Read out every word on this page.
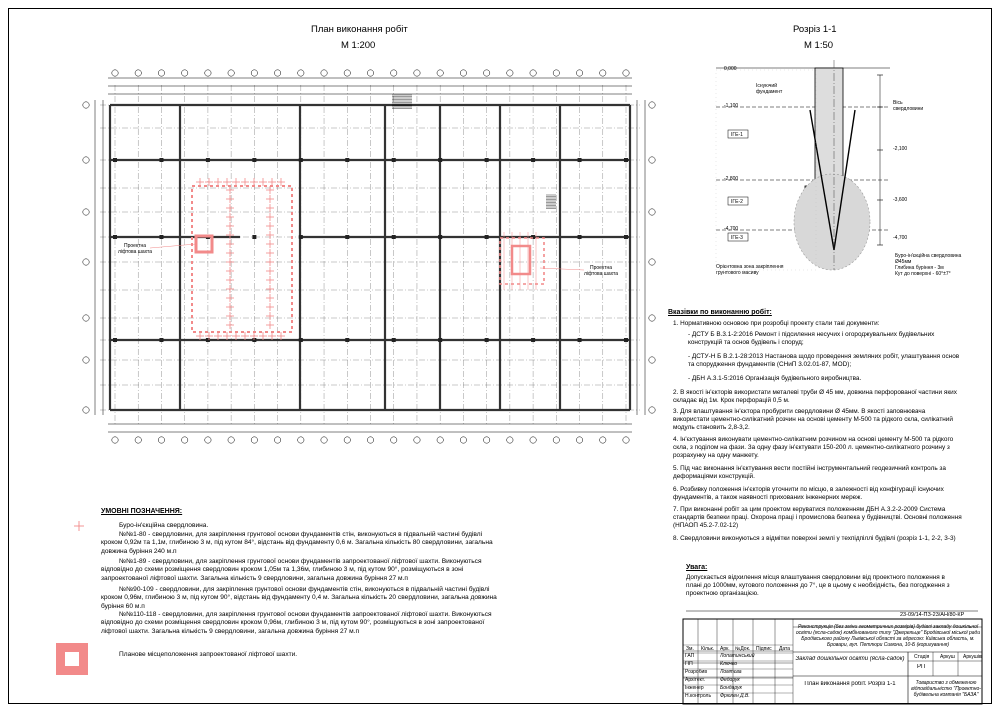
План виконання робіт
М 1:200
Проектна
ліфтова шахта
Проектна
ліфтова шахта
Розріз 1-1
М 1:50
Існуючий
фундамент
Вісь
свердловини
Орієнтовна зона закріплення
грунтового масиву
Буро-ін'єкційна свердловина
Ø45мм
Глибина буріння - 3м
Кут до поверхні - 60°±7°
0,000
-1,100
-2,800
-4,700
-2,100
-3,600
-4,700
ІГЕ-1
ІГЕ-2
ІГЕ-3
Вказівки по виконанню робіт:
1. Нормативною основою при розробці проекту стали такі документи:
- ДСТУ Б В.3.1-2:2016 Ремонт і підсилення несучих і огороджувальних будівельних конструкцій та основ будівель і споруд;
- ДСТУ-Н Б В.2.1-28:2013 Настанова щодо проведення земляних робіт, улаштування основ та спорудження фундаментів (СНиП 3.02.01-87, MOD);
- ДБН А.3.1-5:2016 Організація будівельного виробництва.
2. В якості ін'єкторів використати металеві труби Ø 45 мм, довжина перфорованої частини яких складає від 1м. Крок перфорацій 0,5 м.
3. Для влаштування ін'єктора пробурити свердловини Ø 45мм. В якості заповнювача використати цементно-силікатний розчин на основі цементу М-500 та рідкого скла, силікатний модуль становить 2,8-3,2.
4. Ін'єктування виконувати цементно-силікатним розчином на основі цементу М-500 та рідкого скла, з поділом на фази. За одну фазу ін'єктувати 150-200 л. цементно-силікатного розчину з розрахунку на одну манжету.
5. Під час виконання ін'єктування вести постійні інструментальний геодезичний контроль за деформаціями конструкцій.
6. Розбивку положення ін'єкторів уточнити по місцю, в залежності від конфігурації існуючих фундаментів, а також наявності прихованих інженерних мереж.
7. При виконанні робіт за цим проектом керуватися положенням ДБН А.3.2-2-2009 Система стандартів безпеки праці. Охорона праці і промислова безпека у будівництві. Основні положення (НПАОП 45.2-7.02-12)
8. Свердловини виконуються з відмітки поверхні землі у техпідпіллі будівлі (розріз 1-1, 2-2, 3-3)
Увага:
Допускається відхилення місця влаштування свердловини від проектного положення в плані до 1000мм, кутового положення до 7°, це в цьому є необхідність, без погодження з проектною організацією.
УМОВНІ ПОЗНАЧЕННЯ:
Буро-ін'єкційна свердловина.
№№1-80 - свердловини, для закріплення грунтової основи фундаментів стін, виконуються в підвальній частині будівлі кроком 0,92м та 1,1м, глибиною 3 м, під кутом 84°, відстань від фундаменту 0,6 м. Загальна кількість 80 свердловини, загальна довжина буріння 240 м.п
№№1-89 - свердловини, для закріплення грунтової основи фундаментів запроектованої ліфтової шахти. Виконуються відповідно до схеми розміщення свердловин кроком 1,05м та 1,36м, глибиною 3 м, під кутом 90°, розміщуються в зоні запроектованої ліфтової шахти. Загальна кількість 9 свердловини, загальна довжина буріння 27 м.п
№№90-109 - свердловини, для закріплення грунтової основи фундаментів стін, виконуються в підвальній частині будівлі кроком 0,96м, глибиною 3 м, під кутом 90°, відстань від фундаменту 0,4 м. Загальна кількість 20 свердловини, загальна довжина буріння 60 м.п
№№110-118 - свердловини, для закріплення грунтової основи фундаментів запроектованої ліфтової шахти. Виконуються відповідно до схеми розміщення свердловин кроком 0,96м, глибиною 3 м, під кутом 90°, розміщуються в зоні запроектованої ліфтової шахти. Загальна кількість 9 свердловини, загальна довжина буріння 27 м.п
Планове місцеположення запроектованої ліфтової шахти.
23-09/14-ПЗ-23/АН/80-КР
Реконструкція (без зміни геометричних розмірів) будівлі закладу дошкільної освіти (ясла-садок) комбінованого типу "Джерельце" Бродівської міської ради Бродівського району Львівської області за адресою: Київська область, м. Бровари, вул. Петлюри Симона, 10-Б (коригування)
Заклад дошкільної освіти (ясла-садок)
План виконання робіт. Розріз 1-1	Товариство з обмеженою відповідальністю "Проектно-будівельна компанія "БАЗА"
Зм. Кільк. Арк. №Док. Підпис Дата
ГАП
ГІП
Розробив
Архітект.
Інженер
Н.контроль
Лопатинський
Ключко
Ломтєва
Федорук
Бондарук
Фрюлен Д.В.
Стадія Аркуш Аркушів
РП
